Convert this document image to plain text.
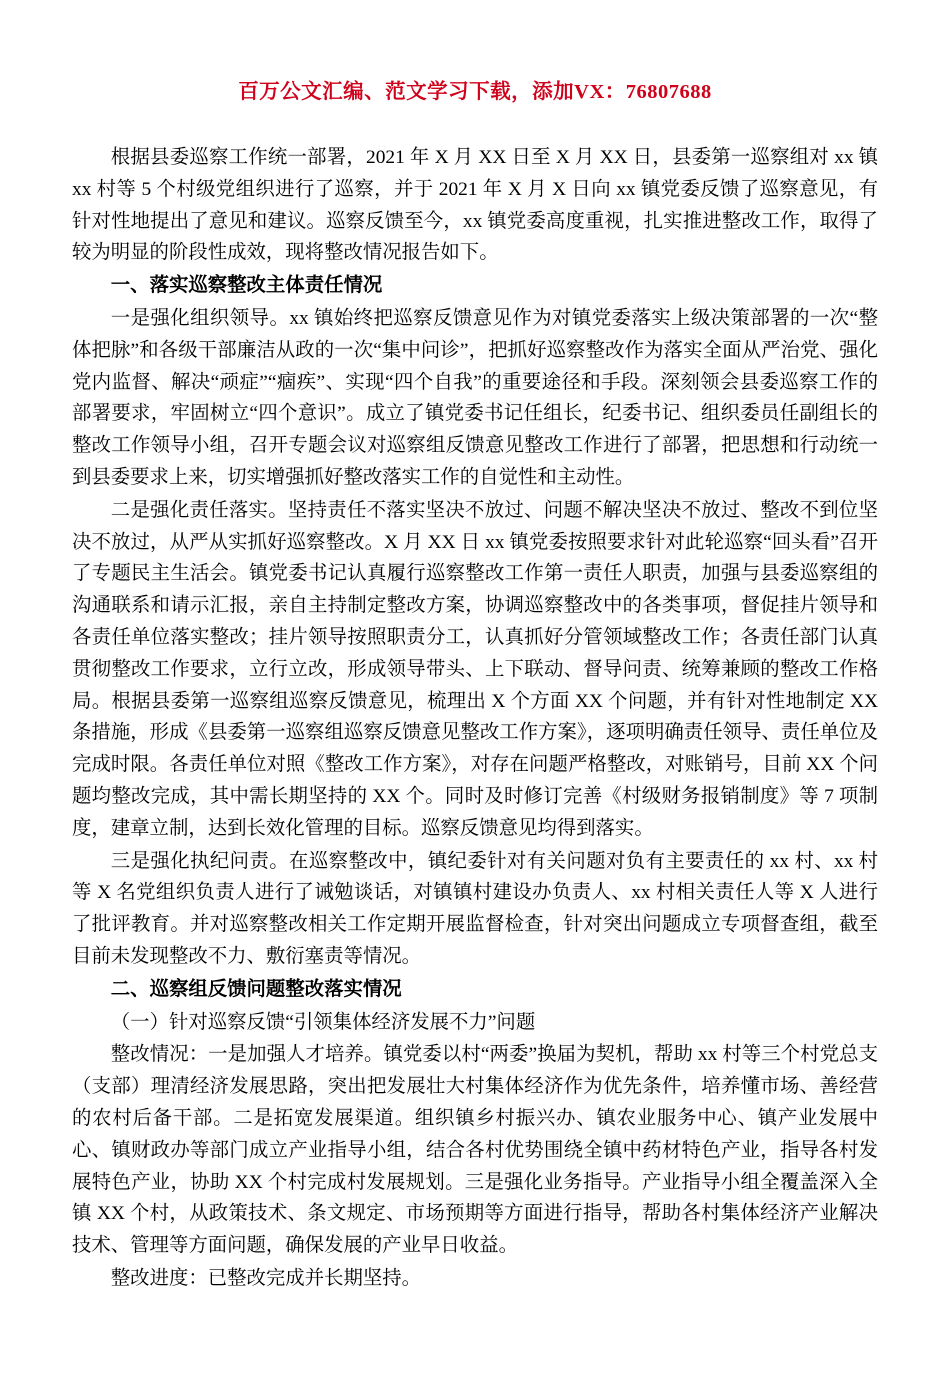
百万公文汇编、范文学习下载，添加VX：76807688

根据县委巡察工作统一部署，2021 年 X 月 XX 日至 X 月 XX 日，县委第一巡察组对 xx 镇 xx 村等 5 个村级党组织进行了巡察，并于 2021 年 X 月 X 日向 xx 镇党委反馈了巡察意见，有针对性地提出了意见和建议。巡察反馈至今，xx 镇党委高度重视，扎实推进整改工作，取得了较为明显的阶段性成效，现将整改情况报告如下。

一、落实巡察整改主体责任情况

一是强化组织领导。xx 镇始终把巡察反馈意见作为对镇党委落实上级决策部署的一次“整体把脉”和各级干部廉洁从政的一次“集中问诊”，把抓好巡察整改作为落实全面从严治党、强化党内监督、解决“顽症”“痼疾”、实现“四个自我”的重要途径和手段。深刻领会县委巡察工作的部署要求，牢固树立“四个意识”。成立了镇党委书记任组长，纪委书记、组织委员任副组长的整改工作领导小组，召开专题会议对巡察组反馈意见整改工作进行了部署，把思想和行动统一到县委要求上来，切实增强抓好整改落实工作的自觉性和主动性。

二是强化责任落实。坚持责任不落实坚决不放过、问题不解决坚决不放过、整改不到位坚决不放过，从严从实抓好巡察整改。X 月 XX 日 xx 镇党委按照要求针对此轮巡察“回头看”召开了专题民主生活会。镇党委书记认真履行巡察整改工作第一责任人职责，加强与县委巡察组的沟通联系和请示汇报，亲自主持制定整改方案，协调巡察整改中的各类事项，督促挂片领导和各责任单位落实整改；挂片领导按照职责分工，认真抓好分管领域整改工作；各责任部门认真贯彻整改工作要求，立行立改，形成领导带头、上下联动、督导问责、统筹兼顾的整改工作格局。根据县委第一巡察组巡察反馈意见，梳理出 X 个方面 XX 个问题，并有针对性地制定 XX 条措施，形成《县委第一巡察组巡察反馈意见整改工作方案》，逐项明确责任领导、责任单位及完成时限。各责任单位对照《整改工作方案》，对存在问题严格整改，对账销号，目前 XX 个问题均整改完成，其中需长期坚持的 XX 个。同时及时修订完善《村级财务报销制度》等 7 项制度，建章立制，达到长效化管理的目标。巡察反馈意见均得到落实。

三是强化执纪问责。在巡察整改中，镇纪委针对有关问题对负有主要责任的 xx 村、xx 村等 X 名党组织负责人进行了诫勉谈话，对镇镇村建设办负责人、xx 村相关责任人等 X 人进行了批评教育。并对巡察整改相关工作定期开展监督检查，针对突出问题成立专项督查组，截至目前未发现整改不力、敷衍塞责等情况。

二、巡察组反馈问题整改落实情况

（一）针对巡察反馈“引领集体经济发展不力”问题

整改情况：一是加强人才培养。镇党委以村“两委”换届为契机，帮助 xx 村等三个村党总支（支部）理清经济发展思路，突出把发展壮大村集体经济作为优先条件，培养懂市场、善经营的农村后备干部。二是拓宽发展渠道。组织镇乡村振兴办、镇农业服务中心、镇产业发展中心、镇财政办等部门成立产业指导小组，结合各村优势围绕全镇中药材特色产业，指导各村发展特色产业，协助 XX 个村完成村发展规划。三是强化业务指导。产业指导小组全覆盖深入全镇 XX 个村，从政策技术、条文规定、市场预期等方面进行指导，帮助各村集体经济产业解决技术、管理等方面问题，确保发展的产业早日收益。

整改进度：已整改完成并长期坚持。
